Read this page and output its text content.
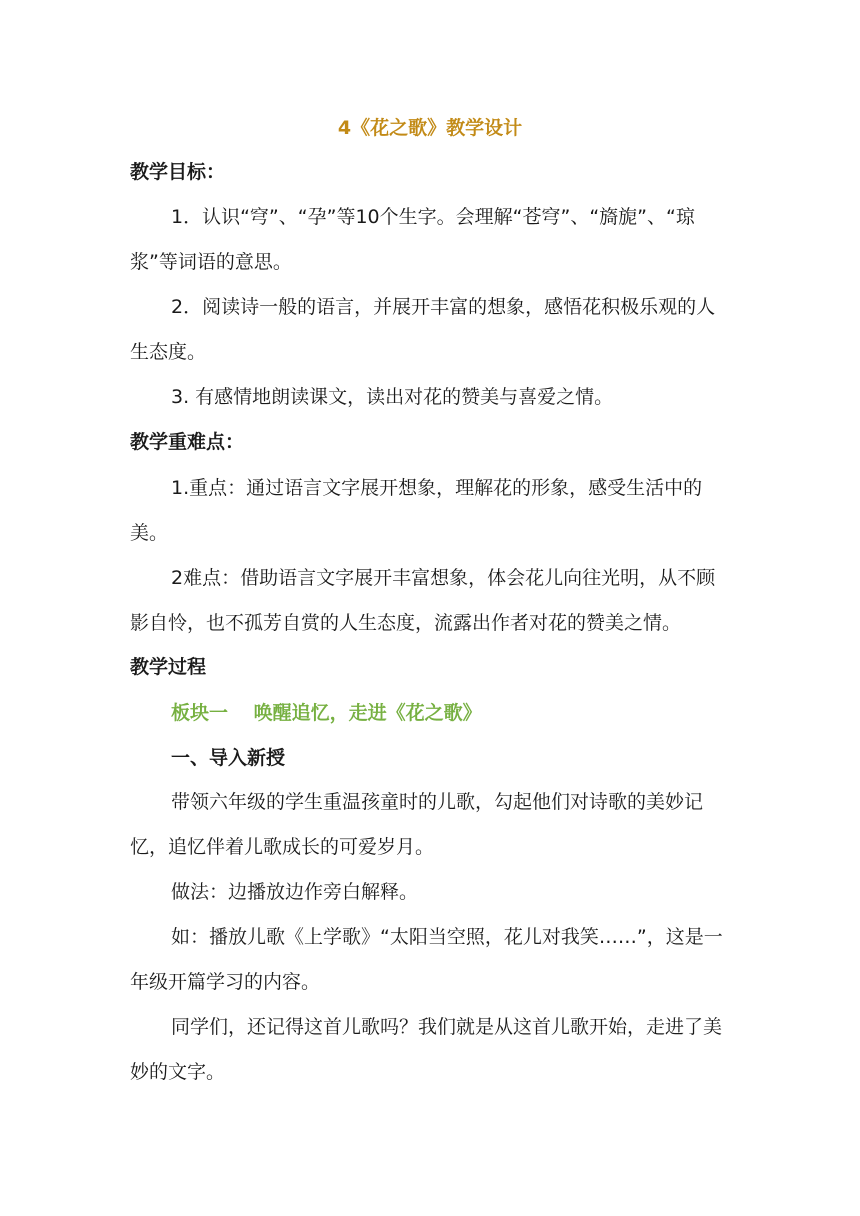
4《花之歌》教学设计
教学目标：
1．认识“穹”、“孕”等10个生字。会理解“苍穹”、“旖旎”、“琼浆”等词语的意思。
2．阅读诗一般的语言，并展开丰富的想象，感悟花积极乐观的人生态度。
3. 有感情地朗读课文，读出对花的赞美与喜爱之情。
教学重难点：
1.重点：通过语言文字展开想象，理解花的形象，感受生活中的美。
2难点：借助语言文字展开丰富想象，体会花儿向往光明，从不顾影自怜，也不孤芳自赏的人生态度，流露出作者对花的赞美之情。
教学过程
板块一　 唤醒追忆，走进《花之歌》
一、导入新授
带领六年级的学生重温孩童时的儿歌，勾起他们对诗歌的美妙记忆，追忆伴着儿歌成长的可爱岁月。
做法：边播放边作旁白解释。
如：播放儿歌《上学歌》“太阳当空照，花儿对我笑……”，这是一年级开篇学习的内容。
同学们，还记得这首儿歌吗？我们就是从这首儿歌开始，走进了美妙的文字。
